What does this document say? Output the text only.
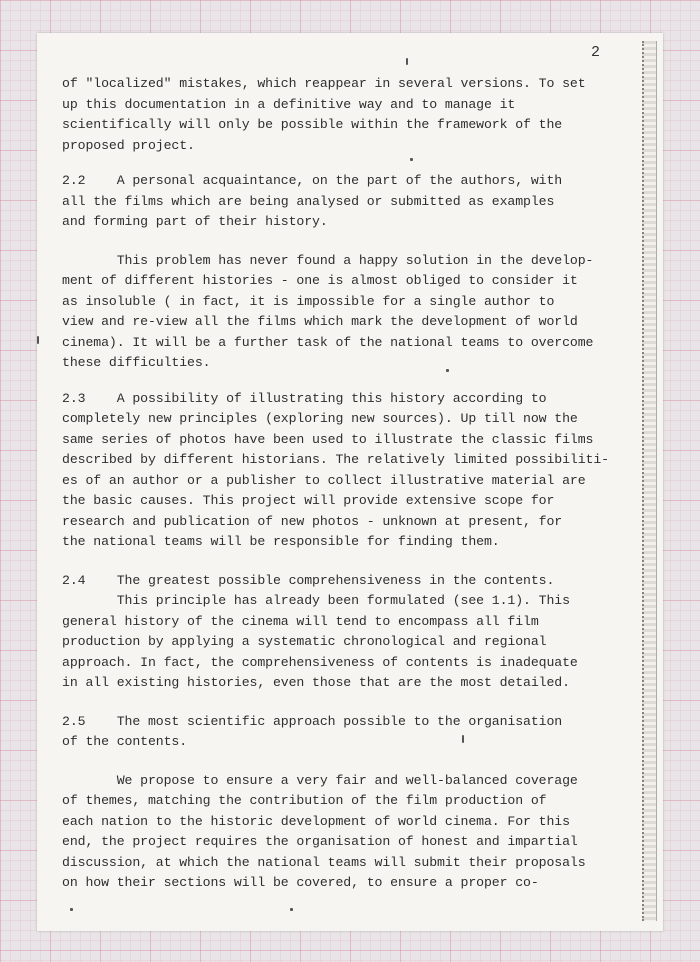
2
of "localized" mistakes, which reappear in several versions. To set
up this documentation in a definitive way and to manage it
scientifically will only be possible within the framework of the
proposed project.
2.2    A personal acquaintance, on the part of the authors, with
all the films which are being analysed or submitted as examples
and forming part of their history.
This problem has never found a happy solution in the develop-
ment of different histories - one is almost obliged to consider it
as insoluble ( in fact, it is impossible for a single author to
view and re-view all the films which mark the development of world
cinema). It will be a further task of the national teams to overcome
these difficulties.
2.3    A possibility of illustrating this history according to
completely new principles (exploring new sources). Up till now the
same series of photos have been used to illustrate the classic films
described by different historians. The relatively limited possibiliti-
es of an author or a publisher to collect illustrative material are
the basic causes. This project will provide extensive scope for
research and publication of new photos - unknown at present, for
the national teams will be responsible for finding them.
2.4    The greatest possible comprehensiveness in the contents.
This principle has already been formulated (see 1.1). This
general history of the cinema will tend to encompass all film
production by applying a systematic chronological and regional
approach. In fact, the comprehensiveness of contents is inadequate
in all existing histories, even those that are the most detailed.
2.5    The most scientific approach possible to the organisation
of the contents.
We propose to ensure a very fair and well-balanced coverage
of themes, matching the contribution of the film production of
each nation to the historic development of world cinema. For this
end, the project requires the organisation of honest and impartial
discussion, at which the national teams will submit their proposals
on how their sections will be covered, to ensure a proper co-
